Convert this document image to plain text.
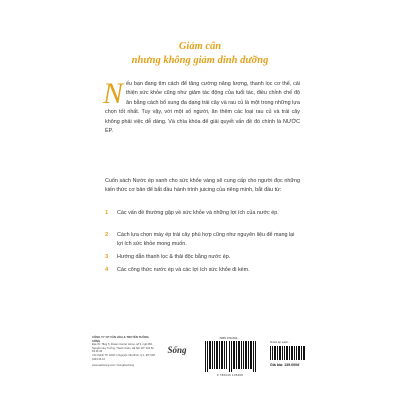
Giảm cân
nhưng không giảm dinh dưỡng
N ếu bạn đang tìm cách để tăng cường năng lượng, thanh lọc cơ thể, cải thiện sức khỏe cũng như giảm tác động của tuổi tác, điều chỉnh chế độ ăn bằng cách bổ sung đa dạng trái cây và rau củ là một trong những lựa chọn tốt nhất. Tuy vậy, với một số người, ăn thêm các loại rau củ và trái cây không phải việc dễ dàng. Và chìa khóa để giải quyết vấn đề đó chính là NƯỚC ÉP.
Cuốn sách Nước ép xanh cho sức khỏe vàng sẽ cung cấp cho người đọc những kiến thức cơ bản để bắt đầu hành trình juicing của riêng mình, bắt đầu từ:
1 Các vấn đề thường gặp về sức khỏe và những lợi ích của nước ép.
2 Cách lựa chọn máy ép trái cây phù hợp cũng như nguyên liệu để mang lại lợi ích sức khỏe mong muốn.
3 Hướng dẫn thanh lọc & thải độc bằng nước ép.
4 Các công thức nước ép và các lợi ích sức khỏe đi kèm.
CÔNG TY CP VĂN HÓA & TRUYỀN THÔNG SỐNG
Địa chỉ: Tầng 5, Dream Center Home, số 9, ngõ 282, Nguyễn Huy Tưởng, Thanh Xuân, Hà Nội. ĐT: 024 62 63 26 32
Chi nhánh TP. HCM: 1 Nguyễn Văn Bình, Q.1. ĐT: 028 6291 66 12
www.sachsong.com f /songthuchong
Sống
ISBN 978-604-...
9 786046 135468
Nước ép xanh...
Giá bìa: 139.000đ
